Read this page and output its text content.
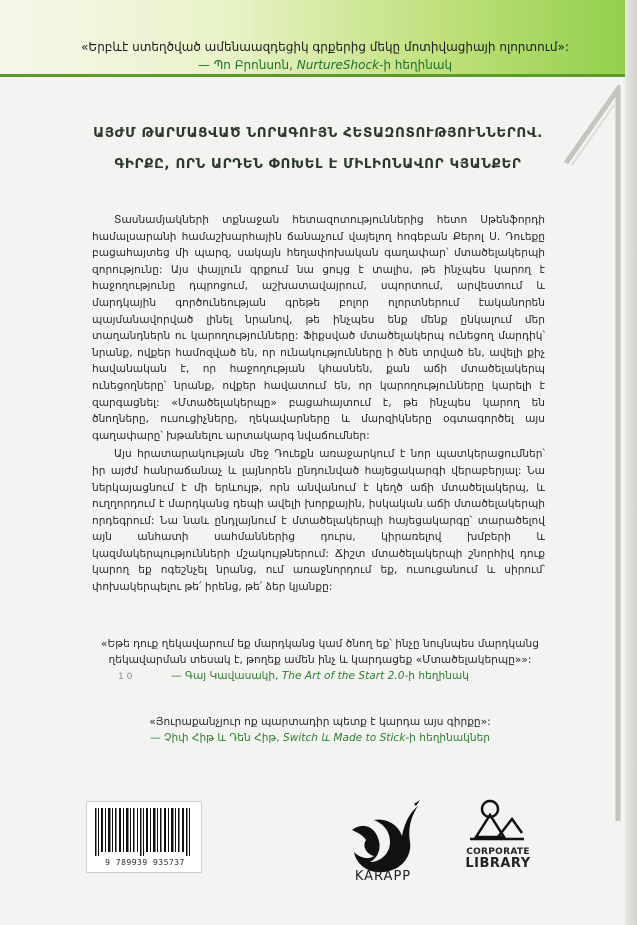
«Երբևէ ստեղծված ամենաազդեցիկ գրքերից մեկը մոտիվացիայի ոլորտում»:
— Պո Բրոնսոն, NurtureShock-ի հեղինակ
ԱՅԺՄ ԹԱՐՄԱՑՎԱԾ ՆՈՐԱԳՈՒՅՆ ՀԵՏԱԶՈՏՈՒԹՅՈՒՆՆԵՐՈՎ.
ԳԻՐՔԸ, ՈՐՆ ԱՐԴԵՆ ՓՈԽԵԼ Է ՄԻԼԻՈՆԱՎՈՐ ԿՅԱՆՔԵՐ

Տասնամյակների տքնաջան հետազոտություններից հետո Սթենֆորդի համալսարանի համաշխարհային ճանաչում վայելող հոգեբան Քերոլ Ս. Դուեքը բացահայտեց մի պարզ, սակայն հեղափոխական գաղափար՝ մտածելակերպի զորությունը: Այս փայլուն գրքում նա ցույց է տալիս, թե ինչպես կարող է հաջողությունը դպրոցում, աշխատավայրում, սպորտում, արվեստում և մարդկային գործունեության գրեթե բոլոր ոլորտներում էականորեն պայմանավորված լինել նրանով, թե ինչպես ենք մենք ընկալում մեր տաղանդներն ու կարողությունները: Ֆիքսված մտածելակերպ ունեցող մարդիկ՝ նրանք, ովքեր համոզված են, որ ունակությունները ի ծնե տրված են, ավելի քիչ հավանական է, որ հաջողության կհասնեն, քան աճի մտածելակերպ ունեցողները՝ նրանք, ովքեր հավատում են, որ կարողությունները կարելի է զարգացնել: «Մտածելակերպը» բացահայտում է, թե ինչպես կարող են ծնողները, ուսուցիչները, ղեկավարները և մարզիկները օգտագործել այս գաղափարը՝ խթանելու արտակարգ նվաճումներ:

Այս հրատարակության մեջ Դուեքն առաջարկում է նոր պատկերացումներ՝ իր այժմ հանրաճանաչ և լայնորեն ընդունված հայեցակարգի վերաբերյալ: Նա ներկայացնում է մի երևույթ, որն անվանում է կեղծ աճի մտածելակերպ, և ուղղորդում է մարդկանց դեպի ավելի խորքային, իսկական աճի մտածելակերպի որդեգրում: Նա նաև ընդլայնում է մտածելակերպի հայեցակարգը՝ տարածելով այն անհատի սահմաններից դուրս, կիրառելով խմբերի և կազմակերպությունների մշակույթներում: Ճիշտ մտածելակերպի շնորհիվ դուք կարող եք ոգեշնչել նրանց, ում առաջնորդում եք, ուսուցանում և սիրում՝ փոխակերպելու թե՛ իրենց, թե՛ ձեր կյանքը:

«Եթե դուք ղեկավարում եք մարդկանց կամ ծնող եք՝ ինչը նույնպես մարդկանց ղեկավարման տեսակ է, թողեք ամեն ինչ և կարդացեք «Մտածելակերպը»»:
— Գայ Կավասակի, The Art of the Start 2.0-ի հեղինակ
1 0
«Յուրաքանչյուր ոք պարտադիր պետք է կարդա այս գիրքը»:
— Չիփ Հիթ և Դեն Հիթ, Switch և Made to Stick-ի հեղինակներ
9 789939 935737
KARAPP
CORPORATE
LIBRARY
